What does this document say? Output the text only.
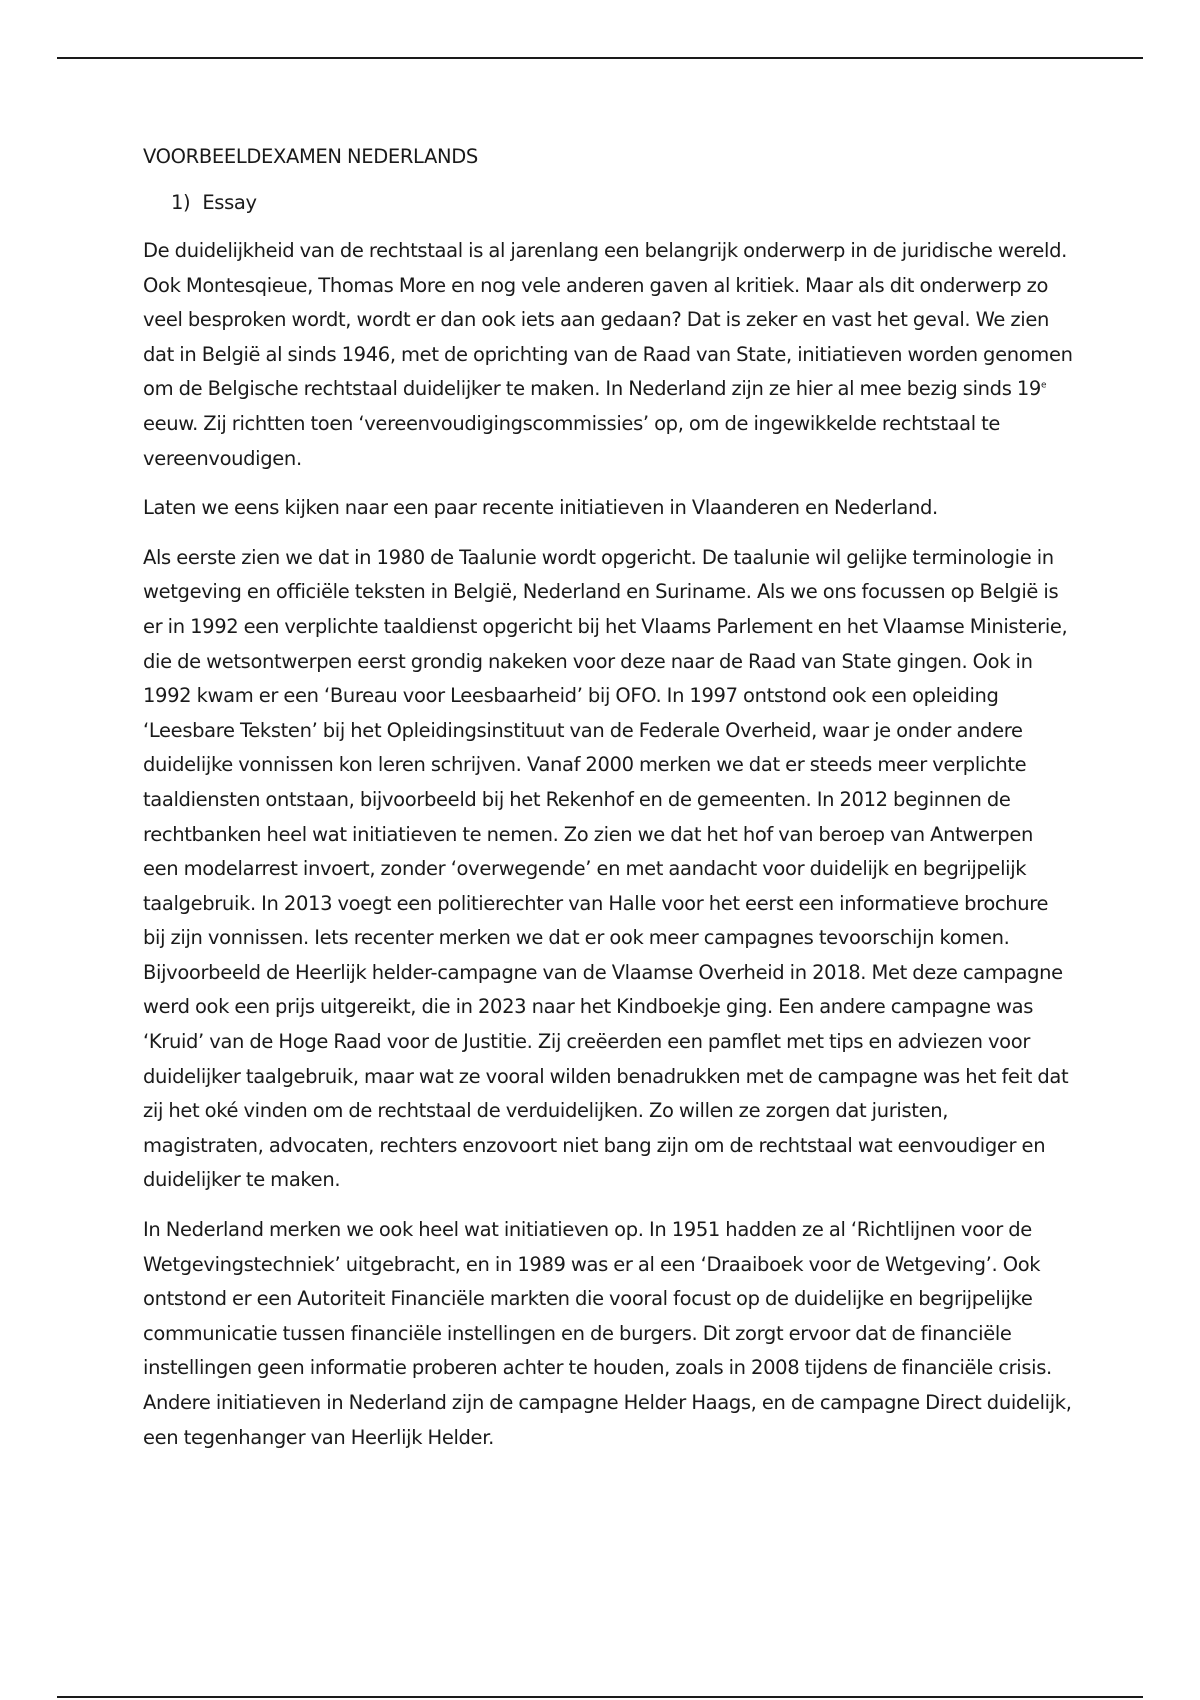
VOORBEELDEXAMEN NEDERLANDS
1) Essay

De duidelijkheid van de rechtstaal is al jarenlang een belangrijk onderwerp in de juridische wereld. Ook Montesqieue, Thomas More en nog vele anderen gaven al kritiek. Maar als dit onderwerp zo veel besproken wordt, wordt er dan ook iets aan gedaan? Dat is zeker en vast het geval. We zien dat in België al sinds 1946, met de oprichting van de Raad van State, initiatieven worden genomen om de Belgische rechtstaal duidelijker te maken. In Nederland zijn ze hier al mee bezig sinds 19e eeuw. Zij richtten toen ‘vereenvoudigingscommissies’ op, om de ingewikkelde rechtstaal te vereenvoudigen.

Laten we eens kijken naar een paar recente initiatieven in Vlaanderen en Nederland.

Als eerste zien we dat in 1980 de Taalunie wordt opgericht. De taalunie wil gelijke terminologie in wetgeving en officiële teksten in België, Nederland en Suriname. Als we ons focussen op België is er in 1992 een verplichte taaldienst opgericht bij het Vlaams Parlement en het Vlaamse Ministerie, die de wetsontwerpen eerst grondig nakeken voor deze naar de Raad van State gingen. Ook in 1992 kwam er een ‘Bureau voor Leesbaarheid’ bij OFO. In 1997 ontstond ook een opleiding ‘Leesbare Teksten’ bij het Opleidingsinstituut van de Federale Overheid, waar je onder andere duidelijke vonnissen kon leren schrijven. Vanaf 2000 merken we dat er steeds meer verplichte taaldiensten ontstaan, bijvoorbeeld bij het Rekenhof en de gemeenten. In 2012 beginnen de rechtbanken heel wat initiatieven te nemen. Zo zien we dat het hof van beroep van Antwerpen een modelarrest invoert, zonder ‘overwegende’ en met aandacht voor duidelijk en begrijpelijk taalgebruik. In 2013 voegt een politierechter van Halle voor het eerst een informatieve brochure bij zijn vonnissen. Iets recenter merken we dat er ook meer campagnes tevoorschijn komen. Bijvoorbeeld de Heerlijk helder-campagne van de Vlaamse Overheid in 2018. Met deze campagne werd ook een prijs uitgereikt, die in 2023 naar het Kindboekje ging. Een andere campagne was ‘Kruid’ van de Hoge Raad voor de Justitie. Zij creëerden een pamflet met tips en adviezen voor duidelijker taalgebruik, maar wat ze vooral wilden benadrukken met de campagne was het feit dat zij het oké vinden om de rechtstaal de verduidelijken. Zo willen ze zorgen dat juristen, magistraten, advocaten, rechters enzovoort niet bang zijn om de rechtstaal wat eenvoudiger en duidelijker te maken.

In Nederland merken we ook heel wat initiatieven op. In 1951 hadden ze al ‘Richtlijnen voor de Wetgevingstechniek’ uitgebracht, en in 1989 was er al een ‘Draaiboek voor de Wetgeving’. Ook ontstond er een Autoriteit Financiële markten die vooral focust op de duidelijke en begrijpelijke communicatie tussen financiële instellingen en de burgers. Dit zorgt ervoor dat de financiële instellingen geen informatie proberen achter te houden, zoals in 2008 tijdens de financiële crisis. Andere initiatieven in Nederland zijn de campagne Helder Haags, en de campagne Direct duidelijk, een tegenhanger van Heerlijk Helder.
